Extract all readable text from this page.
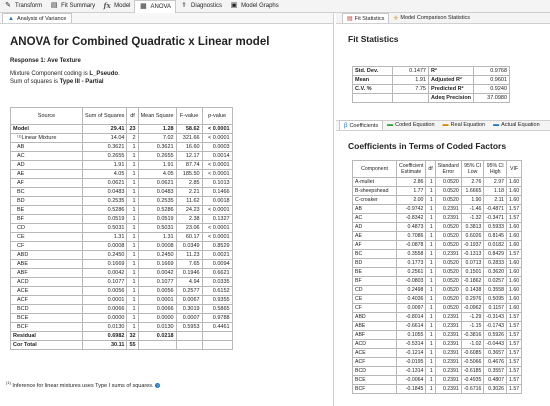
✎ Transform ▤ Fit Summary fx Model ▦ ANOVA ⚕ Diagnostics ▣ Model Graphs
▲ Analysis of Variance
ANOVA for Combined Quadratic x Linear model
Response 1: Ave Texture
Mixture Component coding is L_Pseudo.
Sum of squares is Type III - Partial
Source	Sum of Squares	df	Mean Square	F-value	p-value
Model	29.41	23	1.28	58.62	< 0.0001
⁽¹⁾Linear Mixture	14.04	2	7.02	321.66	< 0.0001
AB	0.3621	1	0.3621	16.60	0.0003
AC	0.2655	1	0.2655	12.17	0.0014
AD	1.91	1	1.91	87.74	< 0.0001
AE	4.05	1	4.05	185.50	< 0.0001
AF	0.0621	1	0.0621	2.85	0.1013
BC	0.0483	1	0.0483	2.21	0.1466
BD	0.2535	1	0.2535	11.62	0.0018
BE	0.5286	1	0.5286	24.23	< 0.0001
BF	0.0519	1	0.0519	2.38	0.1327
CD	0.5031	1	0.5031	23.06	< 0.0001
CE	1.31	1	1.31	60.17	< 0.0001
CF	0.0008	1	0.0008	0.0349	0.8529
ABD	0.2450	1	0.2450	11.23	0.0021
ABE	0.1669	1	0.1669	7.65	0.0094
ABF	0.0042	1	0.0042	0.1946	0.6621
ACD	0.1077	1	0.1077	4.94	0.0335
ACE	0.0056	1	0.0056	0.2577	0.6152
ACF	0.0001	1	0.0001	0.0067	0.9355
BCD	0.0066	1	0.0066	0.3019	0.5865
BCE	0.0000	1	0.0000	0.0007	0.9788
BCF	0.0130	1	0.0130	0.5953	0.4461
Residual	0.6982	32	0.0218		
Cor Total	30.11	55			
$^{(1)}$ Inference for linear mixtures uses Type I sums of squares. ?
▤ Fit Statistics ✛ Model Comparison Statistics
Fit Statistics
Std. Dev.	0.1477	R²	0.9768
Mean	1.91	Adjusted R²	0.9601
C.V. %	7.75	Predicted R²	0.9240
		Adeq Precision	37.0980
β Coefficients ▬ Coded Equation ▬ Real Equation ▬ Actual Equation
Coefficients in Terms of Coded Factors
Component	Coefficient Estimate	df	Standard Error	95% CI Low	95% CI High	VIF
A-mullet	2.86	1	0.0520	2.76	2.97	1.60
B-sheepshead	1.77	1	0.0520	1.6665	1.18	1.60
C-croaker	2.00	1	0.0520	1.90	2.11	1.60
AB	-0.9742	1	0.2391	-1.46	-0.4871	1.57
AC	-0.8342	1	0.2391	-1.32	-0.3471	1.57
AD	0.4873	1	0.0520	0.3813	0.5933	1.60
AE	0.7086	1	0.0520	0.6026	0.8145	1.60
AF	-0.0878	1	0.0520	-0.1937	0.0182	1.60
BC	0.3558	1	0.2391	-0.1313	0.8429	1.57
BD	0.1773	1	0.0520	0.0713	0.2833	1.60
BE	0.2561	1	0.0520	0.1501	0.3620	1.60
BF	-0.0803	1	0.0520	-0.1862	0.0257	1.60
CD	0.2498	1	0.0520	0.1438	0.3558	1.60
CE	0.4036	1	0.0520	0.2976	0.5095	1.60
CF	0.0097	1	0.0520	-0.0962	0.1157	1.60
ABD	-0.8014	1	0.2391	-1.29	-0.3143	1.57
ABE	-0.6614	1	0.2391	-1.15	-0.1743	1.57
ABF	0.1055	1	0.2391	-0.3816	0.5926	1.57
ACD	-0.5314	1	0.2391	-1.02	-0.0443	1.57
ACE	-0.1214	1	0.2391	-0.6085	0.3657	1.57
ACF	-0.0195	1	0.2391	-0.5066	0.4676	1.57
BCD	-0.1314	1	0.2391	-0.6185	0.3557	1.57
BCE	-0.0064	1	0.2391	-0.4935	0.4807	1.57
BCF	-0.1845	1	0.2391	-0.6716	0.3026	1.57
